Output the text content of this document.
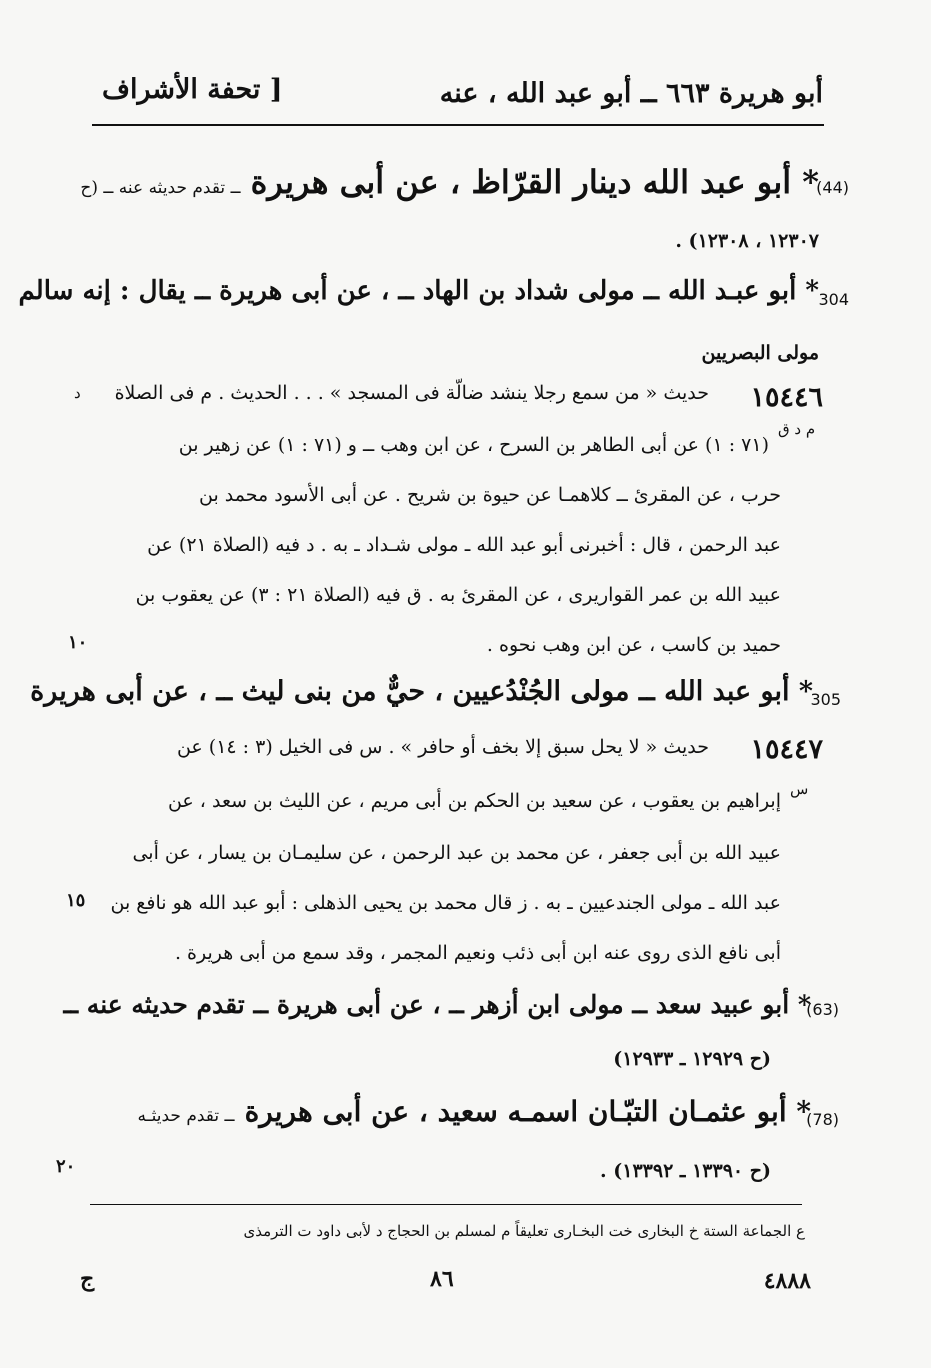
أبو هريرة ٦٦٣ ــ أبو عبد الله ، عنه
[ تحفة الأشراف
(44)
* أبو عبد الله دينار القرّاظ ، عن أبى هريرة ــ تقدم حديثه عنه ــ (ح
١٢٣٠٧ ، ١٢٣٠٨) .
304
* أبو عبـد الله ــ مولى شداد بن الهاد ــ ، عن أبى هريرة ــ يقال : إنه سالم
مولى البصريين
د
م د ق
١٥٤٤٦
حديث « من سمع رجلا ينشد ضالّة فى المسجد » . . . الحديث . م فى الصلاة
(٧١ : ١) عن أبى الطاهر بن السرح ، عن ابن وهب ــ و (٧١ : ١) عن زهير بن
حرب ، عن المقرئ ــ كلاهمـا عن حيوة بن شريح . عن أبى الأسود محمد بن
عبد الرحمن ، قال : أخبرنى أبو عبد الله ـ مولى شـداد ـ به . د فيه (الصلاة ٢١) عن
عبيد الله بن عمر القواريرى ، عن المقرئ به . ق فيه (الصلاة ٢١ : ٣) عن يعقوب بن
حميد بن كاسب ، عن ابن وهب نحوه .
١٠
305
* أبو عبد الله ــ مولى الجُنْدُعيين ، حيٌّ من بنى ليث ــ ، عن أبى هريرة
س
١٥٤٤٧
حديث « لا يحل سبق إلا بخف أو حافر » . س فى الخيل (٣ : ١٤) عن
إبراهيم بن يعقوب ، عن سعيد بن الحكم بن أبى مريم ، عن الليث بن سعد ، عن
عبيد الله بن أبى جعفر ، عن محمد بن عبد الرحمن ، عن سليمـان بن يسار ، عن أبى
عبد الله ـ مولى الجندعيين ـ به . ز قال محمد بن يحيى الذهلى : أبو عبد الله هو نافع بن
أبى نافع الذى روى عنه ابن أبى ذئب ونعيم المجمر ، وقد سمع من أبى هريرة .
١٥
(63)
* أبو عبيد سعد ــ مولى ابن أزهر ــ ، عن أبى هريرة ــ تقدم حديثه عنه ــ
(ح ١٢٩٢٩ ـ ١٢٩٣٣)
(78)
* أبو عثمـان التبّـان اسمـه سعيد ، عن أبى هريرة ــ تقدم حديثـه
(ح ١٣٣٩٠ ـ ١٣٣٩٢) .
٢٠
ع الجماعة الستة خ البخارى خت البخـارى تعليقاً م لمسلم بن الحجاج د لأبى داود ت الترمذى
٤٨٨٨
٨٦
ج
